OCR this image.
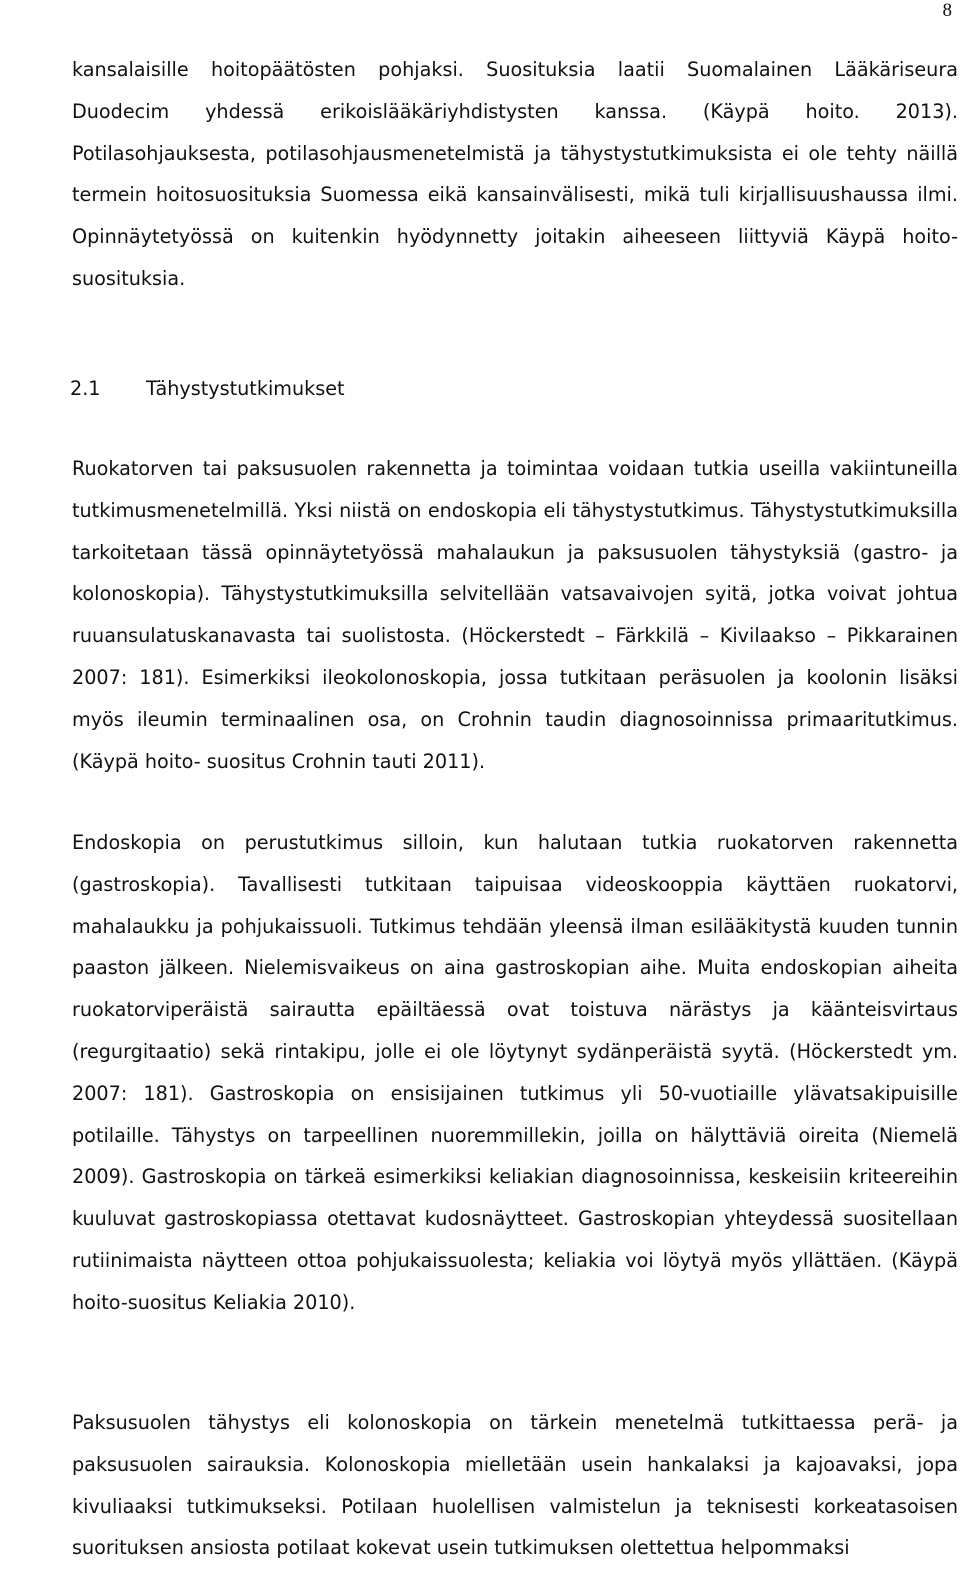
8

kansalaisille hoitopäätösten pohjaksi. Suosituksia laatii Suomalainen Lääkäriseura Duodecim yhdessä erikoislääkäriyhdistysten kanssa. (Käypä hoito. 2013). Potilasohjauksesta, potilasohjausmenetelmistä ja tähystystutkimuksista ei ole tehty näillä termein hoitosuosituksia Suomessa eikä kansainvälisesti, mikä tuli kirjallisuushaussa ilmi. Opinnäytetyössä on kuitenkin hyödynnetty joitakin aiheeseen liittyviä Käypä hoito-suosituksia.

2.1 Tähystystutkimukset

Ruokatorven tai paksusuolen rakennetta ja toimintaa voidaan tutkia useilla vakiintuneilla tutkimusmenetelmillä. Yksi niistä on endoskopia eli tähystystutkimus. Tähystystutkimuksilla tarkoitetaan tässä opinnäytetyössä mahalaukun ja paksusuolen tähystyksiä (gastro- ja kolonoskopia). Tähystystutkimuksilla selvitellään vatsavaivojen syitä, jotka voivat johtua ruuansulatuskanavasta tai suolistosta. (Höckerstedt – Färkkilä – Kivilaakso – Pikkarainen 2007: 181). Esimerkiksi ileokolonoskopia, jossa tutkitaan peräsuolen ja koolonin lisäksi myös ileumin terminaalinen osa, on Crohnin taudin diagnosoinnissa primaaritutkimus. (Käypä hoito- suositus Crohnin tauti 2011).

Endoskopia on perustutkimus silloin, kun halutaan tutkia ruokatorven rakennetta (gastroskopia). Tavallisesti tutkitaan taipuisaa videoskooppia käyttäen ruokatorvi, mahalaukku ja pohjukaissuoli. Tutkimus tehdään yleensä ilman esilääkitystä kuuden tunnin paaston jälkeen. Nielemisvaikeus on aina gastroskopian aihe. Muita endoskopian aiheita ruokatorviperäistä sairautta epäiltäessä ovat toistuva närästys ja käänteisvirtaus (regurgitaatio) sekä rintakipu, jolle ei ole löytynyt sydänperäistä syytä. (Höckerstedt ym. 2007: 181). Gastroskopia on ensisijainen tutkimus yli 50-vuotiaille ylävatsakipuisille potilaille. Tähystys on tarpeellinen nuoremmillekin, joilla on hälyttäviä oireita (Niemelä 2009). Gastroskopia on tärkeä esimerkiksi keliakian diagnosoinnissa, keskeisiin kriteereihin kuuluvat gastroskopiassa otettavat kudosnäytteet. Gastroskopian yhteydessä suositellaan rutiinimaista näytteen ottoa pohjukaissuolesta; keliakia voi löytyä myös yllättäen. (Käypä hoito-suositus Keliakia 2010).

Paksusuolen tähystys eli kolonoskopia on tärkein menetelmä tutkittaessa perä- ja paksusuolen sairauksia. Kolonoskopia mielletään usein hankalaksi ja kajoavaksi, jopa kivuliaaksi tutkimukseksi. Potilaan huolellisen valmistelun ja teknisesti korkeatasoisen suorituksen ansiosta potilaat kokevat usein tutkimuksen olettettua helpommaksi
